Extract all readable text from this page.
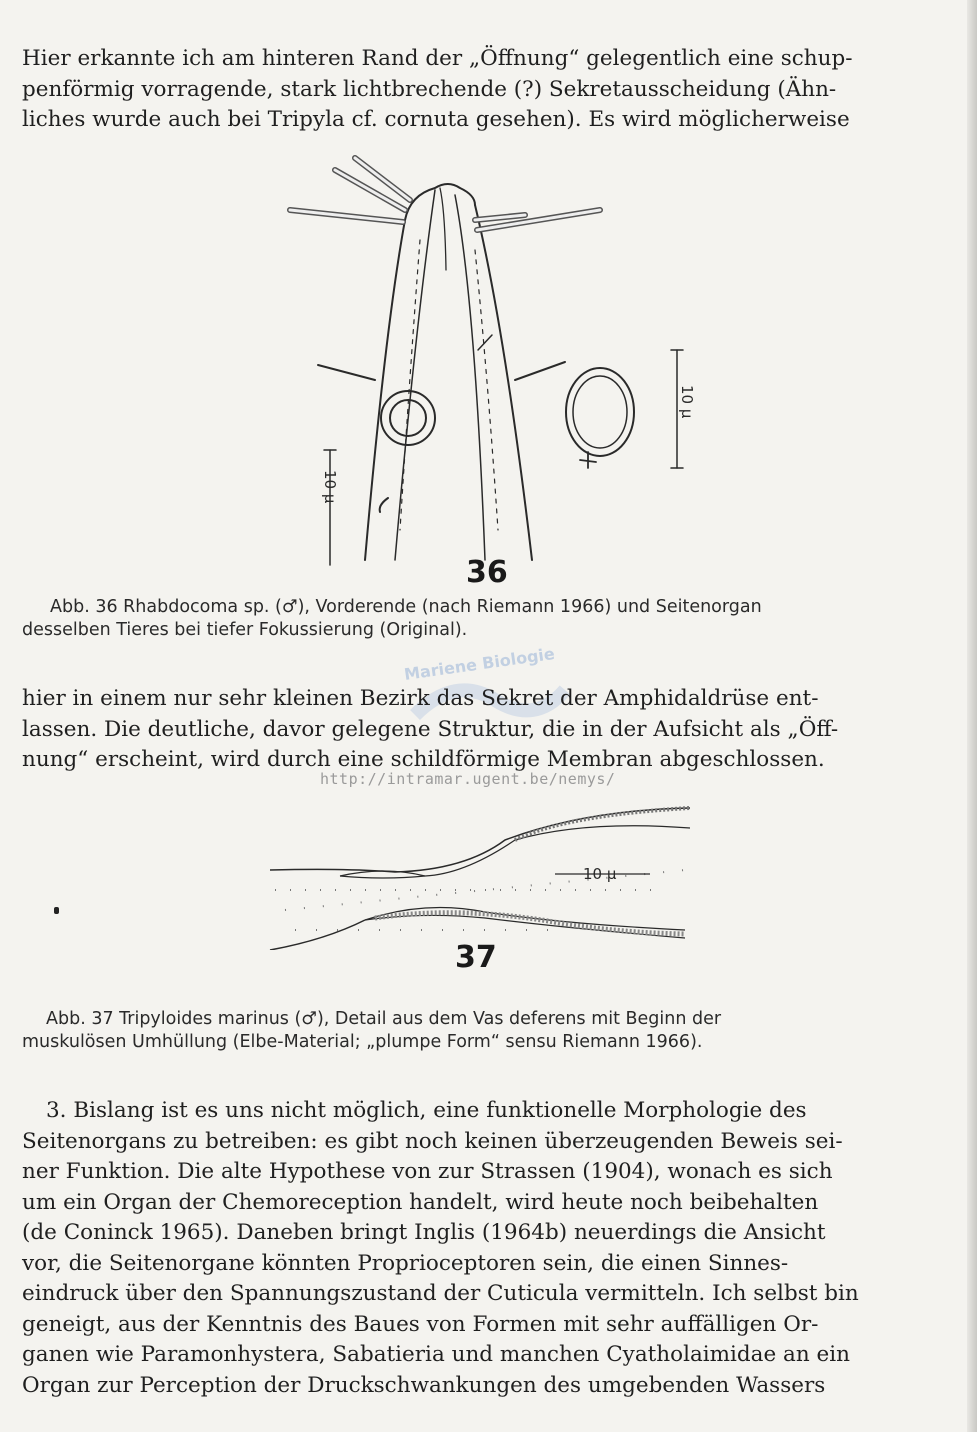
Hier erkannte ich am hinteren Rand der „Öffnung“ gelegentlich eine schup-
penförmig vorragende, stark lichtbrechende (?) Sekretausscheidung (Ähn-
liches wurde auch bei Tripyla cf. cornuta gesehen). Es wird möglicherweise

10 μ
10 μ
36

Abb. 36 Rhabdocoma sp. (♂), Vorderende (nach Riemann 1966) und Seitenorgan
desselben Tieres bei tiefer Fokussierung (Original).

Mariene Biologie

hier in einem nur sehr kleinen Bezirk das Sekret der Amphidaldrüse ent-
lassen. Die deutliche, davor gelegene Struktur, die in der Aufsicht als „Öff-
nung“ erscheint, wird durch eine schildförmige Membran abgeschlossen.

http://intramar.ugent.be/nemys/
10 μ
37

Abb. 37 Tripyloides marinus (♂), Detail aus dem Vas deferens mit Beginn der
muskulösen Umhüllung (Elbe-Material; „plumpe Form“ sensu Riemann 1966).

3. Bislang ist es uns nicht möglich, eine funktionelle Morphologie des
Seitenorgans zu betreiben: es gibt noch keinen überzeugenden Beweis sei-
ner Funktion. Die alte Hypothese von zur Strassen (1904), wonach es sich
um ein Organ der Chemoreception handelt, wird heute noch beibehalten
(de Coninck 1965). Daneben bringt Inglis (1964b) neuerdings die Ansicht
vor, die Seitenorgane könnten Proprioceptoren sein, die einen Sinnes-
eindruck über den Spannungszustand der Cuticula vermitteln. Ich selbst bin
geneigt, aus der Kenntnis des Baues von Formen mit sehr auffälligen Or-
ganen wie Paramonhystera, Sabatieria und manchen Cyatholaimidae an ein
Organ zur Perception der Druckschwankungen des umgebenden Wassers
